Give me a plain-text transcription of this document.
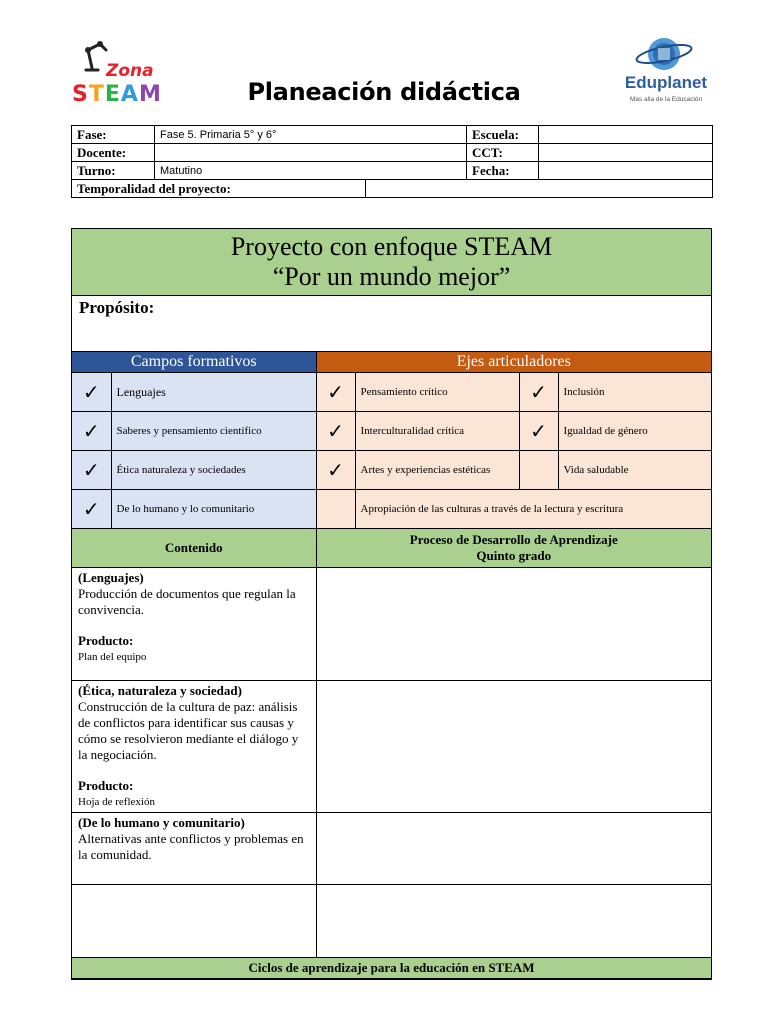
Zona
STEAM	Eduplanet
Mas alla de la Educación
Planeación didáctica
Fase:	Fase 5. Primaria 5° y 6°		Escuela:	
Docente:			CCT:	
Turno:	Matutino		Fecha:	
Temporalidad del proyecto:				
Proyecto con enfoque STEAM
“Por un mundo mejor”
Propósito:
Campos formativos		Ejes articuladores			
✓	Lenguajes	✓	Pensamiento crítico	✓	Inclusión
✓	Saberes y pensamiento científico	✓	Interculturalidad crítica	✓	Igualdad de género
✓	Ética naturaleza y sociedades	✓	Artes y experiencias estéticas		Vida saludable
✓	De lo humano y lo comunitario		Apropiación de las culturas a través de la lectura y escritura		
Contenido	Proceso de Desarrollo de Aprendizaje
Quinto grado

(Lenguajes)
Producción de documentos que regulan la convivencia.
Producto:
Plan del equipo	

(Ética, naturaleza y sociedad)
Construcción de la cultura de paz: análisis de conflictos para identificar sus causas y cómo se resolvieron mediante el diálogo y la negociación.
Producto:
Hoja de reflexión	

(De lo humano y comunitario)
Alternativas ante conflictos y problemas en la comunidad.	

Ciclos de aprendizaje para la educación en STEAM	
